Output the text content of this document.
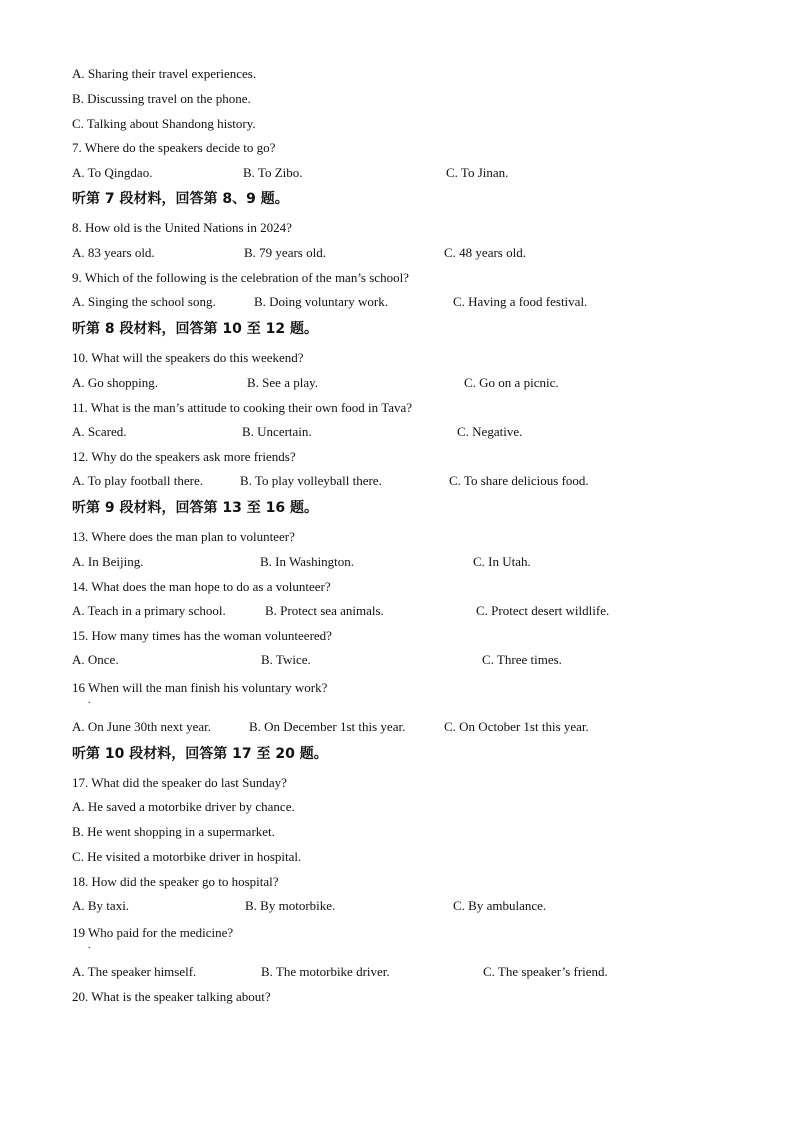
A. Sharing their travel experiences.
B. Discussing travel on the phone.
C. Talking about Shandong history.
7. Where do the speakers decide to go?
A. To Qingdao.	B. To Zibo.	C. To Jinan.
听第 7 段材料，回答第 8、9 题。
8. How old is the United Nations in 2024?
A. 83 years old.	B. 79 years old.	C. 48 years old.
9. Which of the following is the celebration of the man’s school?
A. Singing the school song.	B. Doing voluntary work.	C. Having a food festival.
听第 8 段材料，回答第 10 至 12 题。
10. What will the speakers do this weekend?
A. Go shopping.	B. See a play.	C. Go on a picnic.
11. What is the man’s attitude to cooking their own food in Tava?
A. Scared.	B. Uncertain.	C. Negative.
12. Why do the speakers ask more friends?
A. To play football there.	B. To play volleyball there.	C. To share delicious food.
听第 9 段材料，回答第 13 至 16 题。
13. Where does the man plan to volunteer?
A. In Beijing.	B. In Washington.	C. In Utah.
14. What does the man hope to do as a volunteer?
A. Teach in a primary school.	B. Protect sea animals.	C. Protect desert wildlife.
15. How many times has the woman volunteered?
A. Once.	B. Twice.	C. Three times.
16 When will the man finish his voluntary work?
.
A. On June 30th next year.	B. On December 1st this year.	C. On October 1st this year.
听第 10 段材料，回答第 17 至 20 题。
17. What did the speaker do last Sunday?
A. He saved a motorbike driver by chance.
B. He went shopping in a supermarket.
C. He visited a motorbike driver in hospital.
18. How did the speaker go to hospital?
A. By taxi.	B. By motorbike.	C. By ambulance.
19 Who paid for the medicine?
.
A. The speaker himself.	B. The motorbike driver.	C. The speaker’s friend.
20. What is the speaker talking about?
